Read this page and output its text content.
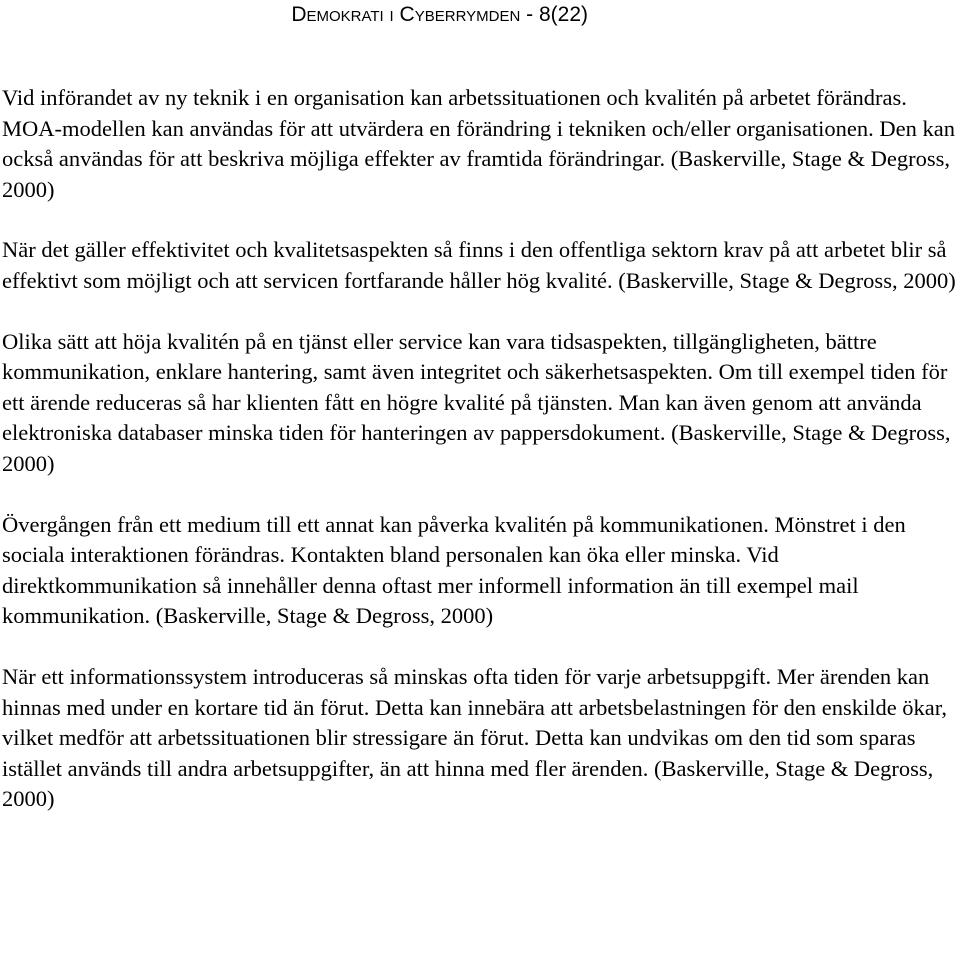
Demokrati i Cyberrymden - 8(22)

Vid införandet av ny teknik i en organisation kan arbetssituationen och kvalitén på arbetet förändras. MOA-modellen kan användas för att utvärdera en förändring i tekniken och/eller organisationen. Den kan också användas för att beskriva möjliga effekter av framtida förändringar. (Baskerville, Stage & Degross, 2000)

När det gäller effektivitet och kvalitetsaspekten så finns i den offentliga sektorn krav på att arbetet blir så effektivt som möjligt och att servicen fortfarande håller hög kvalité. (Baskerville, Stage & Degross, 2000)

Olika sätt att höja kvalitén på en tjänst eller service kan vara tidsaspekten, tillgängligheten, bättre kommunikation, enklare hantering, samt även integritet och säkerhetsaspekten. Om till exempel tiden för ett ärende reduceras så har klienten fått en högre kvalité på tjänsten. Man kan även genom att använda elektroniska databaser minska tiden för hanteringen av pappersdokument. (Baskerville, Stage & Degross, 2000)

Övergången från ett medium till ett annat kan påverka kvalitén på kommunikationen. Mönstret i den sociala interaktionen förändras. Kontakten bland personalen kan öka eller minska. Vid direktkommunikation så innehåller denna oftast mer informell information än till exempel mail kommunikation. (Baskerville, Stage & Degross, 2000)

När ett informationssystem introduceras så minskas ofta tiden för varje arbetsuppgift. Mer ärenden kan hinnas med under en kortare tid än förut. Detta kan innebära att arbetsbelastningen för den enskilde ökar, vilket medför att arbetssituationen blir stressigare än förut. Detta kan undvikas om den tid som sparas istället används till andra arbetsuppgifter, än att hinna med fler ärenden. (Baskerville, Stage & Degross, 2000)
